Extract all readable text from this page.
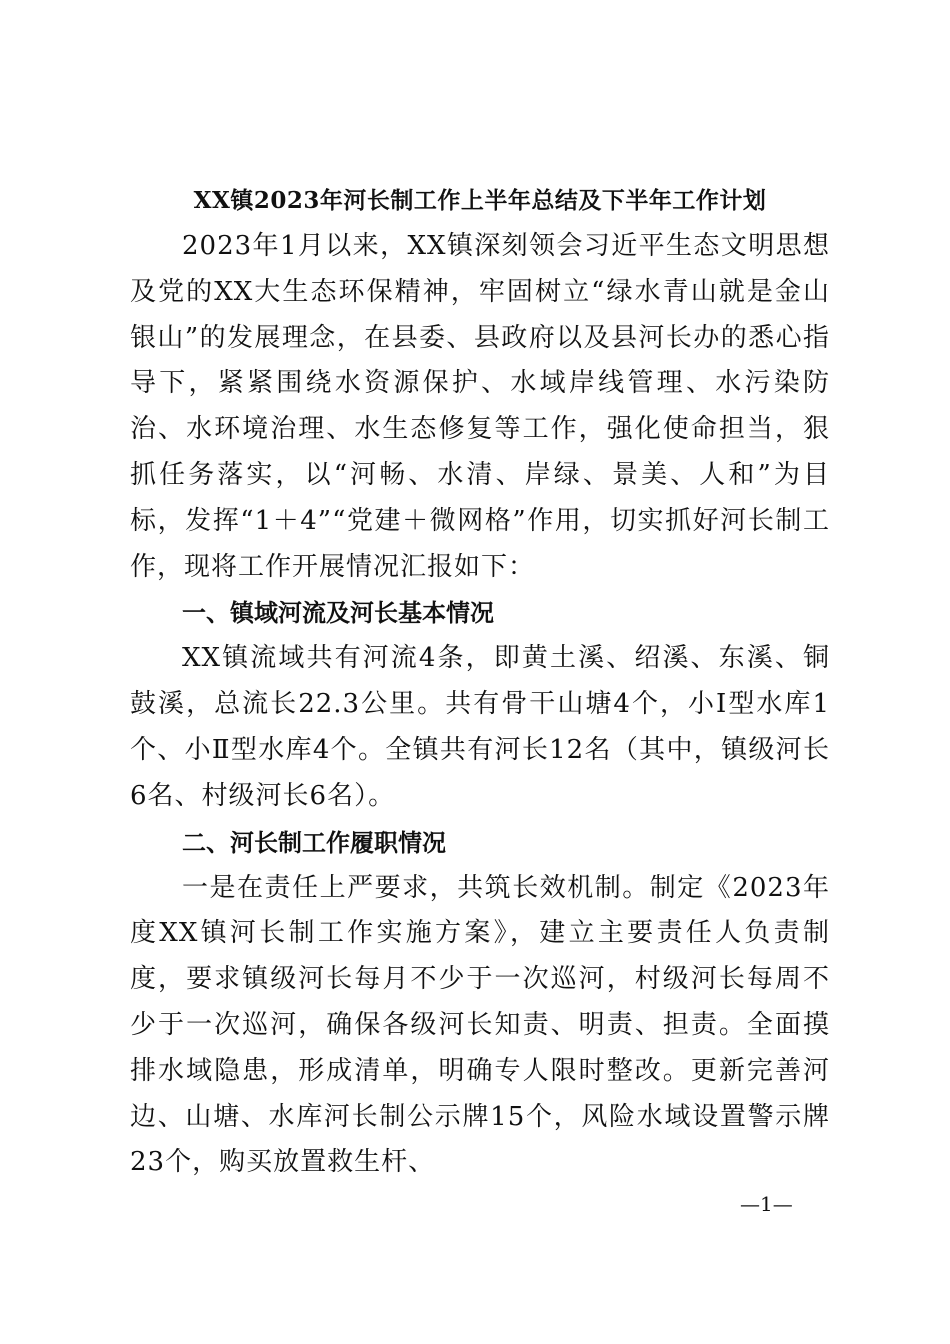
XX镇2023年河长制工作上半年总结及下半年工作计划

2023年1月以来，XX镇深刻领会习近平生态文明思想及党的XX大生态环保精神，牢固树立“绿水青山就是金山银山”的发展理念，在县委、县政府以及县河长办的悉心指导下，紧紧围绕水资源保护、水域岸线管理、水污染防治、水环境治理、水生态修复等工作，强化使命担当，狠抓任务落实，以“河畅、水清、岸绿、景美、人和”为目标，发挥“1＋4”“党建＋微网格”作用，切实抓好河长制工作，现将工作开展情况汇报如下：

一、镇域河流及河长基本情况

XX镇流域共有河流4条，即黄土溪、绍溪、东溪、铜鼓溪，总流长22.3公里。共有骨干山塘4个，小Ⅰ型水库1个、小Ⅱ型水库4个。全镇共有河长12名（其中，镇级河长6名、村级河长6名）。

二、河长制工作履职情况

一是在责任上严要求，共筑长效机制。制定《2023年度XX镇河长制工作实施方案》，建立主要责任人负责制度，要求镇级河长每月不少于一次巡河，村级河长每周不少于一次巡河，确保各级河长知责、明责、担责。全面摸排水域隐患，形成清单，明确专人限时整改。更新完善河边、山塘、水库河长制公示牌15个，风险水域设置警示牌23个，购买放置救生杆、

—1—
